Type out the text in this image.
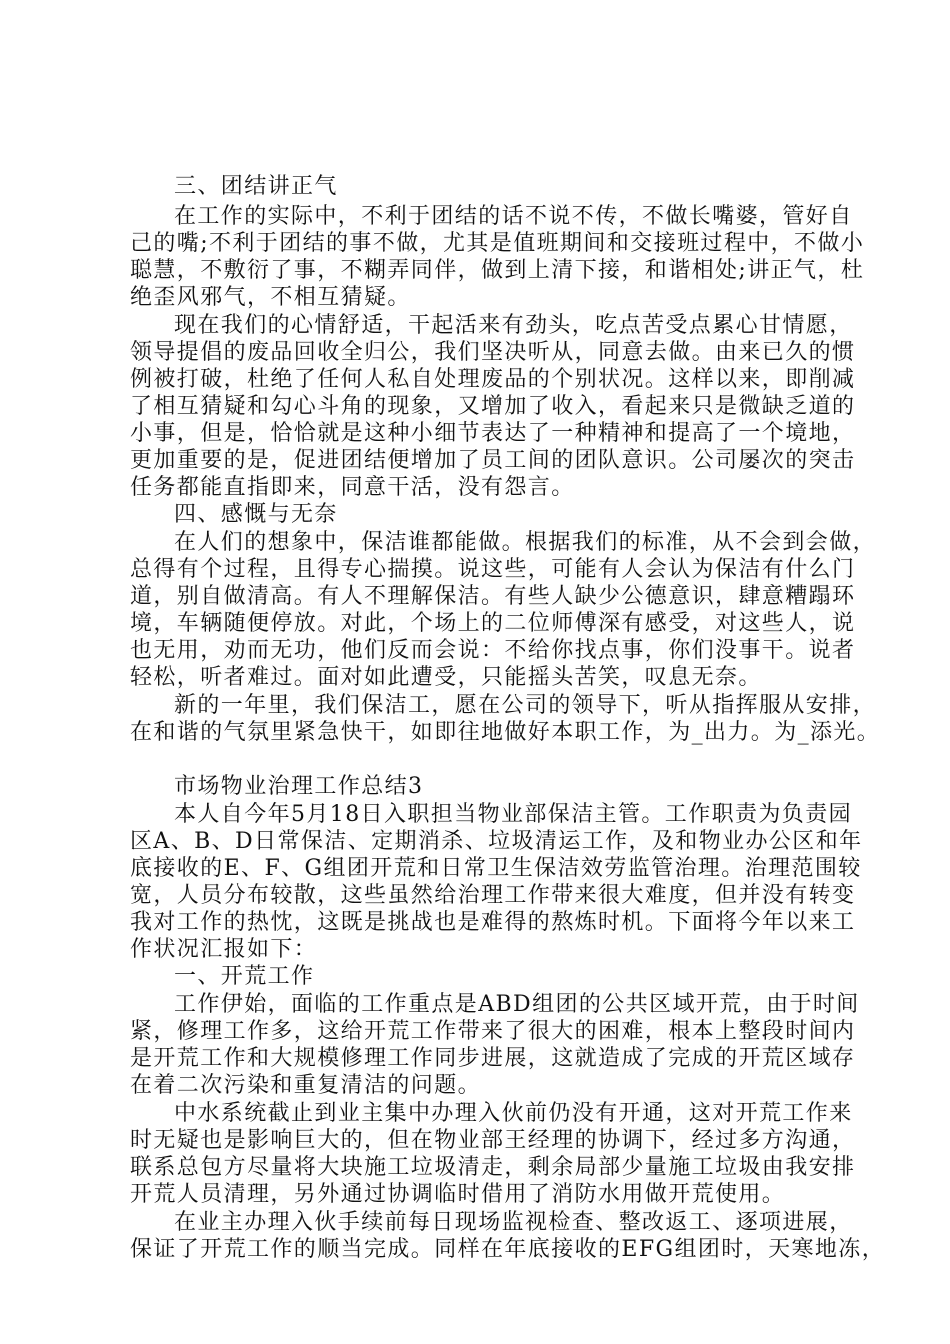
三、团结讲正气
在工作的实际中，不利于团结的话不说不传，不做长嘴婆，管好自
己的嘴;不利于团结的事不做，尤其是值班期间和交接班过程中，不做小
聪慧，不敷衍了事，不糊弄同伴，做到上清下接，和谐相处;讲正气，杜
绝歪风邪气，不相互猜疑。
现在我们的心情舒适，干起活来有劲头，吃点苦受点累心甘情愿，
领导提倡的废品回收全归公，我们坚决听从，同意去做。由来已久的惯
例被打破，杜绝了任何人私自处理废品的个别状况。这样以来，即削减
了相互猜疑和勾心斗角的现象，又增加了收入，看起来只是微缺乏道的
小事，但是，恰恰就是这种小细节表达了一种精神和提高了一个境地，
更加重要的是，促进团结便增加了员工间的团队意识。公司屡次的突击
任务都能直指即来，同意干活，没有怨言。
四、感慨与无奈
在人们的想象中，保洁谁都能做。根据我们的标准，从不会到会做，
总得有个过程，且得专心揣摸。说这些，可能有人会认为保洁有什么门
道，别自做清高。有人不理解保洁。有些人缺少公德意识，肆意糟蹋环
境，车辆随便停放。对此，个场上的二位师傅深有感受，对这些人，说
也无用，劝而无功，他们反而会说：不给你找点事，你们没事干。说者
轻松，听者难过。面对如此遭受，只能摇头苦笑，叹息无奈。
新的一年里，我们保洁工，愿在公司的领导下，听从指挥服从安排，
在和谐的气氛里紧急快干，如即往地做好本职工作，为_出力。为_添光。
市场物业治理工作总结3
本人自今年5月18日入职担当物业部保洁主管。工作职责为负责园
区A、B、D日常保洁、定期消杀、垃圾清运工作，及和物业办公区和年
底接收的E、F、G组团开荒和日常卫生保洁效劳监管治理。治理范围较
宽，人员分布较散，这些虽然给治理工作带来很大难度，但并没有转变
我对工作的热忱，这既是挑战也是难得的熬炼时机。下面将今年以来工
作状况汇报如下：
一、开荒工作
工作伊始，面临的工作重点是ABD组团的公共区域开荒，由于时间
紧，修理工作多，这给开荒工作带来了很大的困难，根本上整段时间内
是开荒工作和大规模修理工作同步进展，这就造成了完成的开荒区域存
在着二次污染和重复清洁的问题。
中水系统截止到业主集中办理入伙前仍没有开通，这对开荒工作来
时无疑也是影响巨大的，但在物业部王经理的协调下，经过多方沟通，
联系总包方尽量将大块施工垃圾清走，剩余局部少量施工垃圾由我安排
开荒人员清理，另外通过协调临时借用了消防水用做开荒使用。
在业主办理入伙手续前每日现场监视检查、整改返工、逐项进展，
保证了开荒工作的顺当完成。同样在年底接收的EFG组团时，天寒地冻，
